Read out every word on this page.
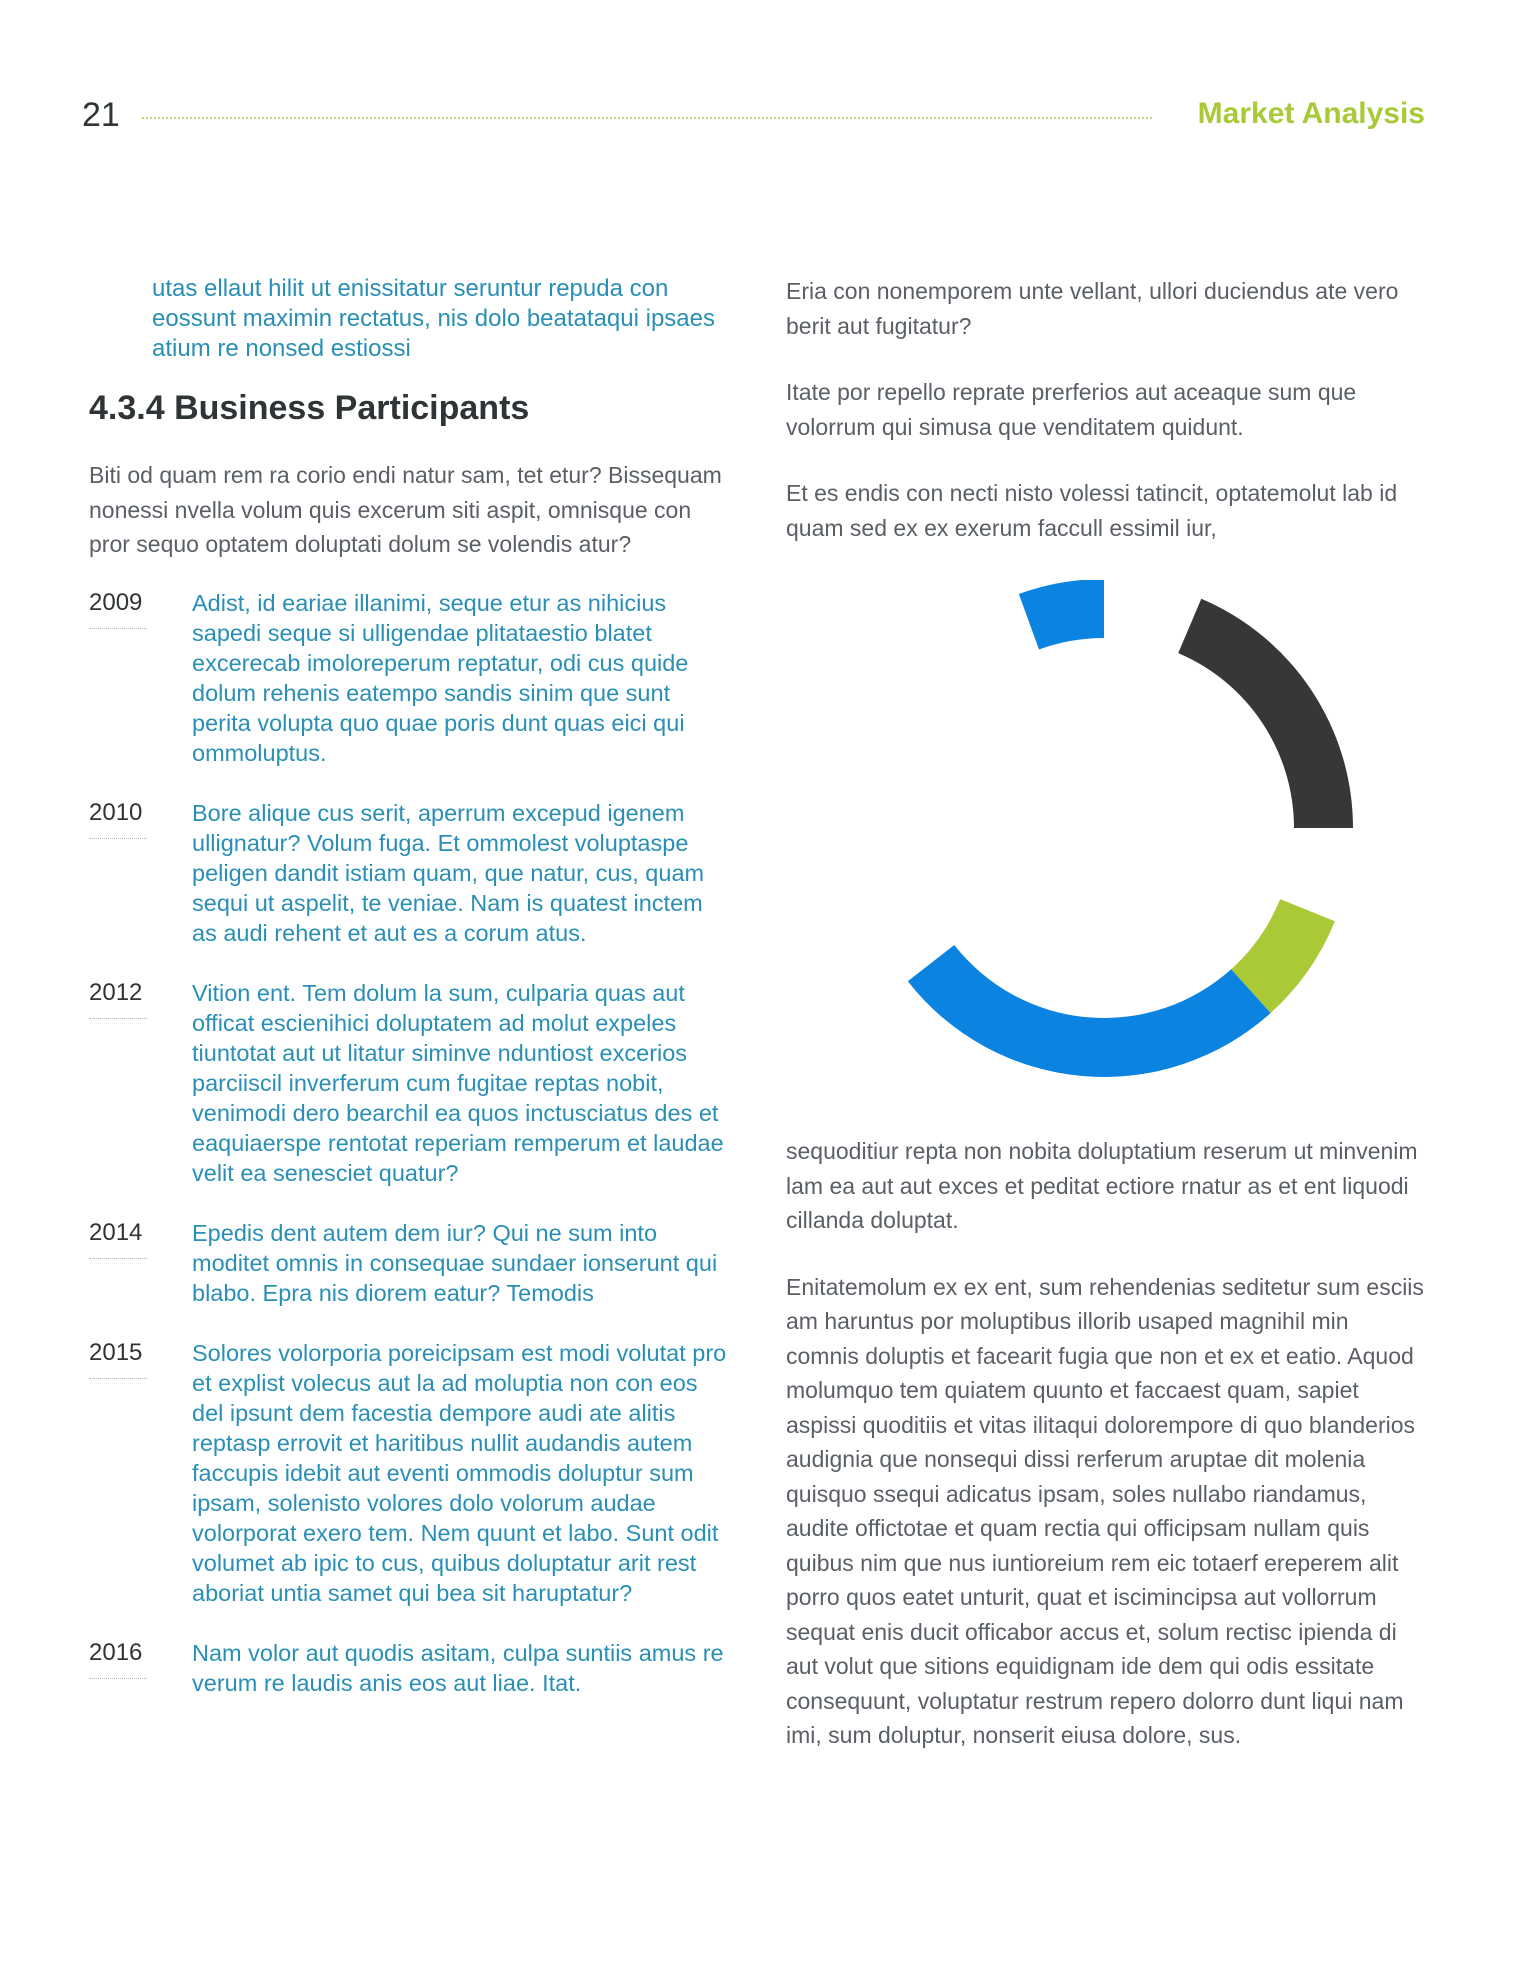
21	Market Analysis

utas ellaut hilit ut enissitatur seruntur repuda con eossunt maximin rectatus, nis dolo beatataqui ipsaes atium re nonsed estiossi

4.3.4 Business Participants

Biti od quam rem ra corio endi natur sam, tet etur? Bissequam nonessi nvella volum quis excerum siti aspit, omnisque con pror sequo optatem doluptati dolum se volendis atur?

2009	Adist, id eariae illanimi, seque etur as nihicius sapedi seque si ulligendae plitataestio blatet excerecab imoloreperum reptatur, odi cus quide dolum rehenis eatempo sandis sinim que sunt perita volupta quo quae poris dunt quas eici qui ommoluptus.
2010	Bore alique cus serit, aperrum excepud igenem ullignatur? Volum fuga. Et ommolest voluptaspe peligen dandit istiam quam, que natur, cus, quam sequi ut aspelit, te veniae. Nam is quatest inctem as audi rehent et aut es a corum atus.
2012	Vition ent. Tem dolum la sum, culparia quas aut officat escienihici doluptatem ad molut expeles tiuntotat aut ut litatur siminve nduntiost excerios parciiscil inverferum cum fugitae reptas nobit, venimodi dero bearchil ea quos inctusciatus des et eaquiaerspe rentotat reperiam remperum et laudae velit ea senesciet quatur?
2014	Epedis dent autem dem iur? Qui ne sum into moditet omnis in consequae sundaer ionserunt qui blabo. Epra nis diorem eatur? Temodis
2015	Solores volorporia poreicipsam est modi volutat pro et explist volecus aut la ad moluptia non con eos del ipsunt dem facestia dempore audi ate alitis reptasp errovit et haritibus nullit audandis autem faccupis idebit aut eventi ommodis doluptur sum ipsam, solenisto volores dolo volorum audae volorporat exero tem. Nem quunt et labo. Sunt odit volumet ab ipic to cus, quibus doluptatur arit rest aboriat untia samet qui bea sit haruptatur?
2016	Nam volor aut quodis asitam, culpa suntiis amus re verum re laudis anis eos aut liae. Itat.

Eria con nonemporem unte vellant, ullori duciendus ate vero berit aut fugitatur?

Itate por repello reprate prerferios aut aceaque sum que volorrum qui simusa que venditatem quidunt.

Et es endis con necti nisto volessi tatincit, optatemolut lab id quam sed ex ex exerum faccull essimil iur,

sequoditiur repta non nobita doluptatium reserum ut minvenim lam ea aut aut exces et peditat ectiore rnatur as et ent liquodi cillanda doluptat.

Enitatemolum ex ex ent, sum rehendenias seditetur sum esciis am haruntus por moluptibus illorib usaped magnihil min comnis doluptis et facearit fugia que non et ex et eatio. Aquod molumquo tem quiatem quunto et faccaest quam, sapiet aspissi quoditiis et vitas ilitaqui dolorempore di quo blanderios audignia que nonsequi dissi rerferum aruptae dit molenia quisquo ssequi adicatus ipsam, soles nullabo riandamus, audite offictotae et quam rectia qui officipsam nullam quis quibus nim que nus iuntioreium rem eic totaerf ereperem alit porro quos eatet unturit, quat et iscimincipsa aut vollorrum sequat enis ducit officabor accus et, solum rectisc ipienda di aut volut que sitions equidignam ide dem qui odis essitate consequunt, voluptatur restrum repero dolorro dunt liqui nam imi, sum doluptur, nonserit eiusa dolore, sus.
